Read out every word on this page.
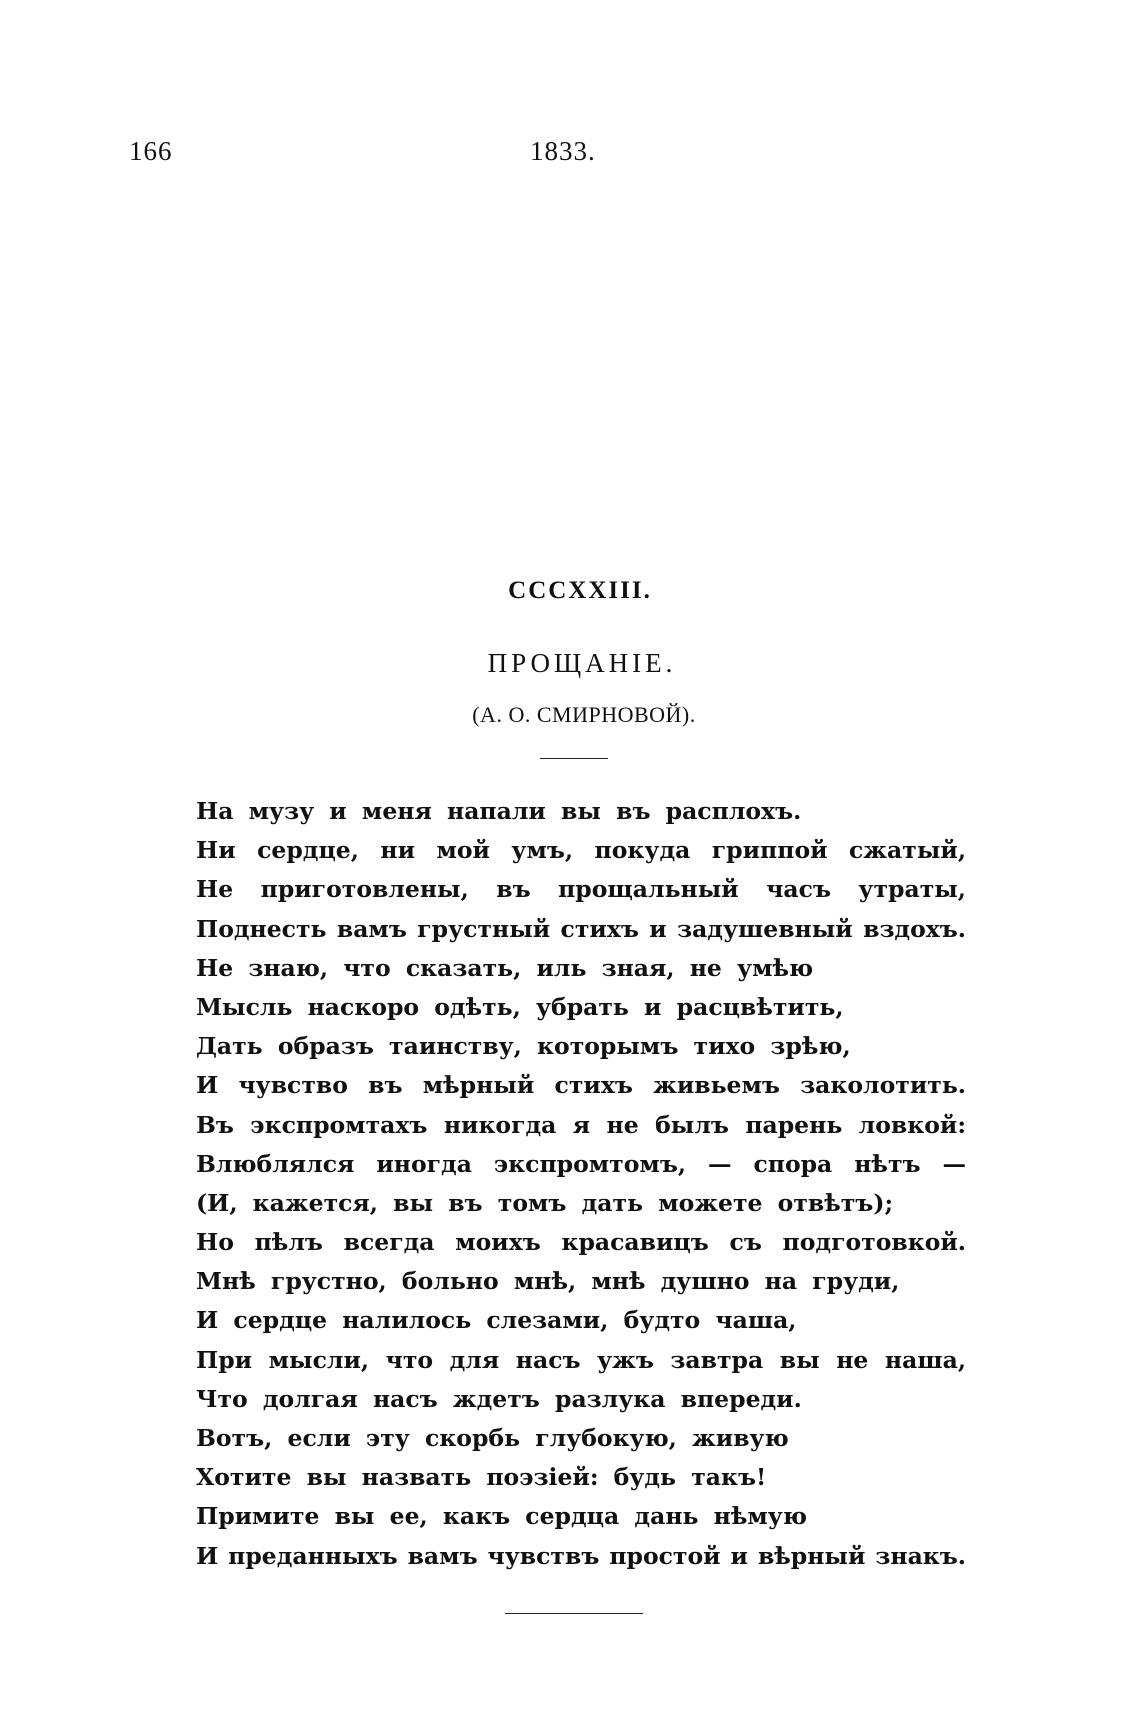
166	1833.
CCCXXIII.
ПРОЩАНІЕ.
(А. О. СМИРНОВОЙ).
На музу и меня напали вы въ расплохъ.
Ни сердце, ни мой умъ, покуда гриппой сжатый,
Не приготовлены, въ прощальный часъ утраты,
Поднесть вамъ грустный стихъ и задушевный вздохъ.
Не знаю, что сказать, иль зная, не умѣю
Мысль наскоро одѣть, убрать и расцвѣтить,
Дать образъ таинству, которымъ тихо зрѣю,
И чувство въ мѣрный стихъ живьемъ заколотить.
Въ экспромтахъ никогда я не былъ парень ловкой:
Влюблялся иногда экспромтомъ, — спора нѣтъ —
(И, кажется, вы въ томъ дать можете отвѣтъ);
Но пѣлъ всегда моихъ красавицъ съ подготовкой.
Мнѣ грустно, больно мнѣ, мнѣ душно на груди,
И сердце налилось слезами, будто чаша,
При мысли, что для насъ ужъ завтра вы не наша,
Что долгая насъ ждетъ разлука впереди.
Вотъ, если эту скорбь глубокую, живую
Хотите вы назвать поэзіей: будь такъ!
Примите вы ее, какъ сердца дань нѣмую
И преданныхъ вамъ чувствъ простой и вѣрный знакъ.
